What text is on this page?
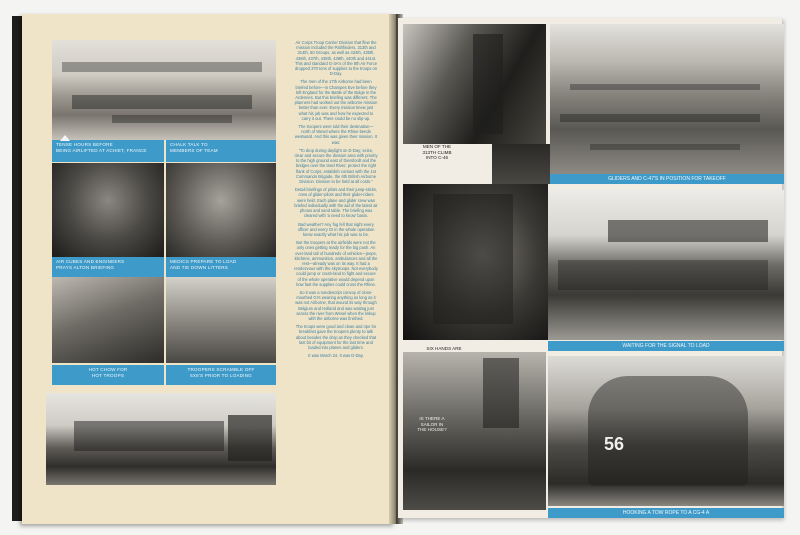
TENSE HOURS BEFORE
BEING AIRLIFTED AT ACHIET, FRANCE
CHALK TALK TO
MEMBERS OF TEAM
AIR CUBES AND ENGINEERS
PRAYS ALTON BRIEFING
MEDICS PREPARE TO LOAD
AND TIE DOWN LITTERS
HOT CHOW FOR
HOT TROOPS
TROOPERS SCRAMBLE OFF
6X6'S PRIOR TO LOADING

Air Corps Troop Carrier Division that flew the mission included the Pathfinders, 313th and 314th, 50 Groups, as well as 434th, 435th, 436th, 437th, 438th, 439th, 440th and 441st. This and standard G-3A's of the 8th Air Force dropped 370 tons of supplies to the troops on D-Day.

The men of the 17th Airborne had been briefed before—in Champes Eve before they left England for the Battle of the Bulge in the Ardennes. But this briefing was different. The planners had worked out the airborne mission better than ever. Every mission knew just what his job was and how he expected to carry it out. There could be no slip-up.

The troopers were told their destination—north of Wesel where the Rhine bends westward. And this was given their mission. It was:

"To drop during daylight on D-Day; seize, clear and secure the division area with priority to the high ground east of Diersfordt and the bridges over the Issel River; protect the right flank of Corps; establish contact with the 1st Commando Brigade, the 6th British Airborne Division. Division to be held at all costs."

Detail briefings of pilots and their jump-sticks, crew of glider-pilots and their glider-riders were held. Each plane and glider crew was briefed individually with the aid of the latest air photos and sand table. The briefing was cleared with 'a need to know' basis.

Bad weather? Any fog fell that night every officer and every GI in the whole operation knew exactly what his job was to be.

But the troopers at the airfields were not the only ones getting ready for the big push. An over-land tail of hundreds of vehicles—jeeps, kitchens, ammunition, ambulances and all the rest—already was on its way. It had a rendezvous with the skytroops. Not everybody could jump or crash-land to fight and secure of the whole operative would depend upon how fast the supplies could cross the Rhine.

So it was a nondescript convoy of close-mouthed GI's wearing anything as long as it was not Airborne, that wound its way through Belgium and Holland and was waiting just across the river from Wesel when the linkup with the airborne was finished.

The troops were good and clean and ripe for breakfast gave the troopers plenty to talk about besides the drop as they checked that last bit of equipment for the last time and loaded into planes and gliders.

It was March 24. It was D-Day.

MEN OF THE
313TH CLIMB
INTO C-46
GLIDERS AND C-47'S IN POSITION FOR TAKEOFF
SIX HANDS ARE	WAITING FOR THE SIGNAL TO LOAD
IS THERE A
SAILOR IN
THE HOUSE?
56
HOOKING A TOW ROPE TO A CG-4 A
